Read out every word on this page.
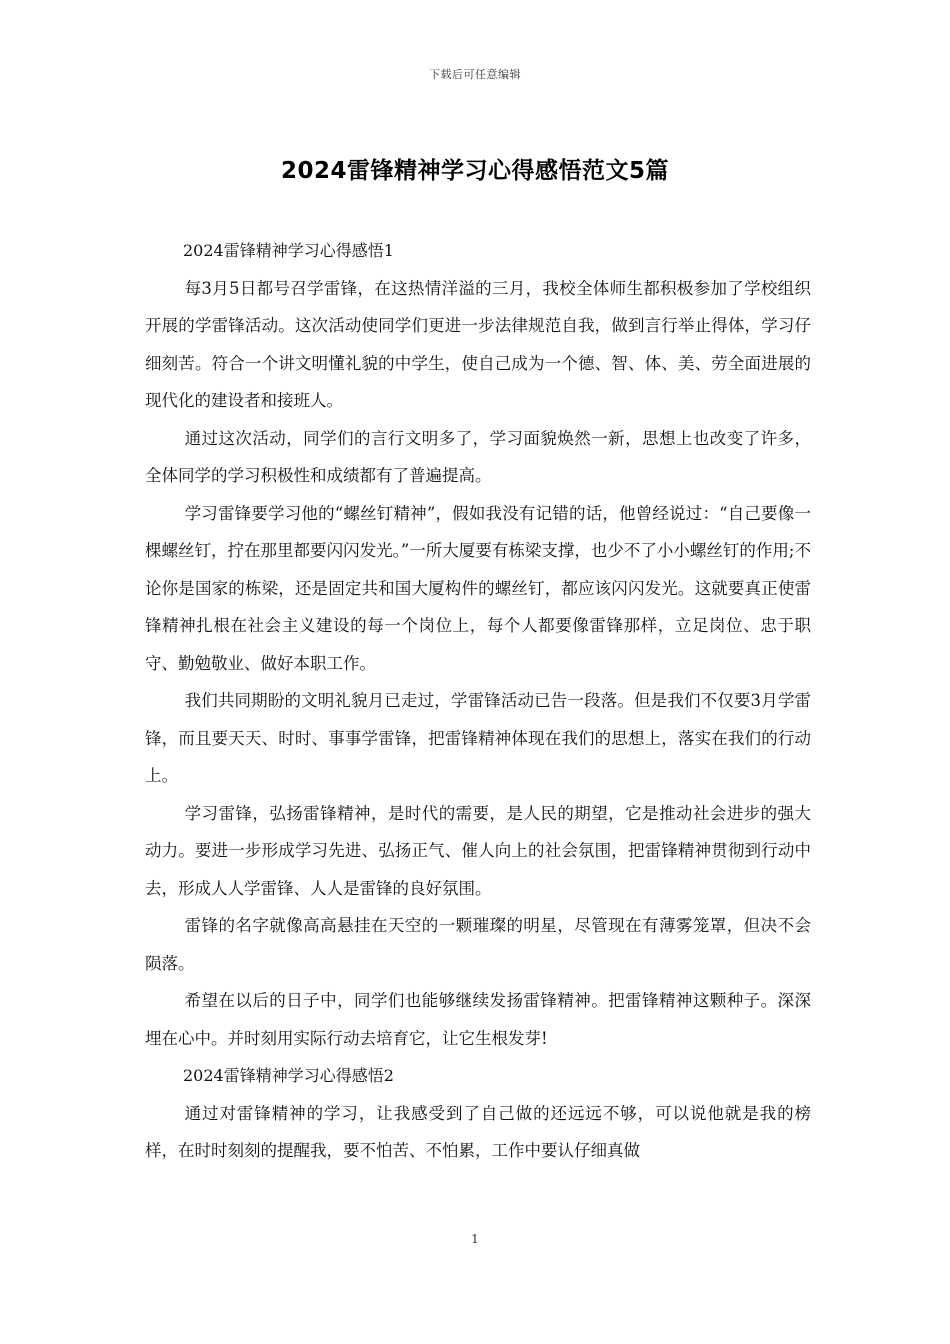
下载后可任意编辑
2024雷锋精神学习心得感悟范文5篇

2024雷锋精神学习心得感悟1

每3月5日都号召学雷锋，在这热情洋溢的三月，我校全体师生都积极参加了学校组织开展的学雷锋活动。这次活动使同学们更进一步法律规范自我，做到言行举止得体，学习仔细刻苦。符合一个讲文明懂礼貌的中学生，使自己成为一个德、智、体、美、劳全面进展的现代化的建设者和接班人。

通过这次活动，同学们的言行文明多了，学习面貌焕然一新，思想上也改变了许多，全体同学的学习积极性和成绩都有了普遍提高。

学习雷锋要学习他的“螺丝钉精神”，假如我没有记错的话，他曾经说过：“自己要像一棵螺丝钉，拧在那里都要闪闪发光。”一所大厦要有栋梁支撑，也少不了小小螺丝钉的作用;不论你是国家的栋梁，还是固定共和国大厦构件的螺丝钉，都应该闪闪发光。这就要真正使雷锋精神扎根在社会主义建设的每一个岗位上，每个人都要像雷锋那样，立足岗位、忠于职守、勤勉敬业、做好本职工作。

我们共同期盼的文明礼貌月已走过，学雷锋活动已告一段落。但是我们不仅要3月学雷锋，而且要天天、时时、事事学雷锋，把雷锋精神体现在我们的思想上，落实在我们的行动上。

学习雷锋，弘扬雷锋精神，是时代的需要，是人民的期望，它是推动社会进步的强大动力。要进一步形成学习先进、弘扬正气、催人向上的社会氛围，把雷锋精神贯彻到行动中去，形成人人学雷锋、人人是雷锋的良好氛围。

雷锋的名字就像高高悬挂在天空的一颗璀璨的明星，尽管现在有薄雾笼罩，但决不会陨落。

希望在以后的日子中，同学们也能够继续发扬雷锋精神。把雷锋精神这颗种子。深深埋在心中。并时刻用实际行动去培育它，让它生根发芽!

2024雷锋精神学习心得感悟2

通过对雷锋精神的学习，让我感受到了自己做的还远远不够，可以说他就是我的榜样，在时时刻刻的提醒我，要不怕苦、不怕累，工作中要认仔细真做

1
